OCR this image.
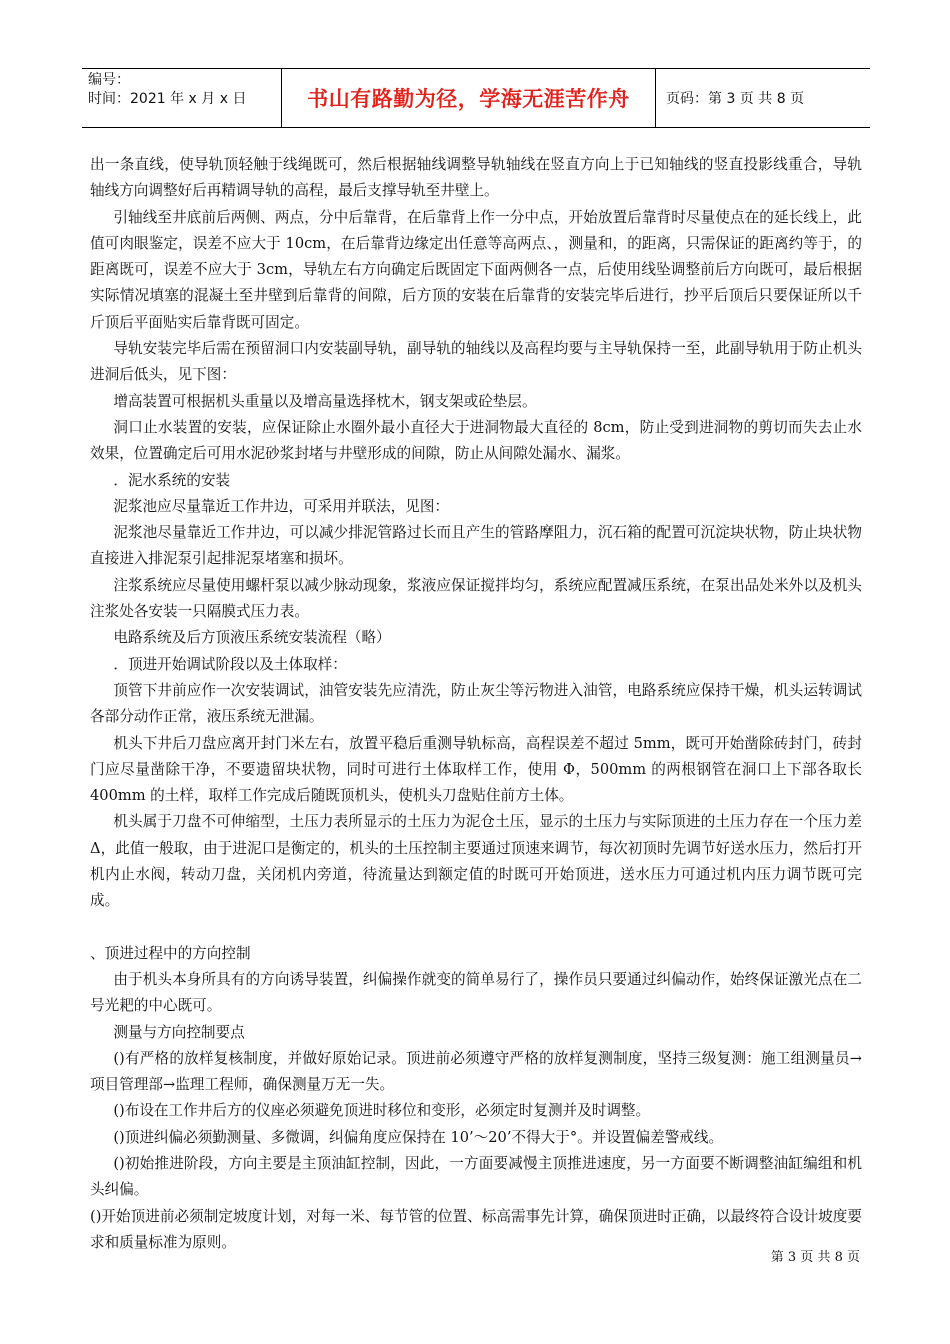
编号：
时间：2021 年 x 月 x 日	书山有路勤为径，学海无涯苦作舟	页码：第 3 页 共 8 页

出一条直线，使导轨顶轻触于线绳既可，然后根据轴线调整导轨轴线在竖直方向上于已知轴线的竖直投影线重合，导轨轴线方向调整好后再精调导轨的高程，最后支撑导轨至井壁上。

引轴线至井底前后两侧、两点，分中后靠背，在后靠背上作一分中点，开始放置后靠背时尽量使点在的延长线上，此值可肉眼鉴定，误差不应大于 10cm，在后靠背边缘定出任意等高两点、，测量和，的距离，只需保证的距离约等于，的距离既可，误差不应大于 3cm，导轨左右方向确定后既固定下面两侧各一点，后使用线坠调整前后方向既可，最后根据实际情况填塞的混凝土至井壁到后靠背的间隙，后方顶的安装在后靠背的安装完毕后进行，抄平后顶后只要保证所以千斤顶后平面贴实后靠背既可固定。

导轨安装完毕后需在预留洞口内安装副导轨，副导轨的轴线以及高程均要与主导轨保持一至，此副导轨用于防止机头进洞后低头，见下图：

增高装置可根据机头重量以及增高量选择枕木，钢支架或砼垫层。

洞口止水装置的安装，应保证除止水圈外最小直径大于进洞物最大直径的 8cm，防止受到进洞物的剪切而失去止水效果，位置确定后可用水泥砂浆封堵与井壁形成的间隙，防止从间隙处漏水、漏浆。

．泥水系统的安装

泥浆池应尽量靠近工作井边，可采用并联法，见图：

泥浆池尽量靠近工作井边，可以减少排泥管路过长而且产生的管路摩阻力，沉石箱的配置可沉淀块状物，防止块状物直接进入排泥泵引起排泥泵堵塞和损坏。

注浆系统应尽量使用螺杆泵以减少脉动现象，浆液应保证搅拌均匀，系统应配置减压系统，在泵出品处米外以及机头注浆处各安装一只隔膜式压力表。

电路系统及后方顶液压系统安装流程（略）

．顶进开始调试阶段以及土体取样：

顶管下井前应作一次安装调试，油管安装先应清洗，防止灰尘等污物进入油管，电路系统应保持干燥，机头运转调试各部分动作正常，液压系统无泄漏。

机头下井后刀盘应离开封门米左右，放置平稳后重测导轨标高，高程误差不超过 5mm，既可开始凿除砖封门，砖封门应尽量凿除干净，不要遗留块状物，同时可进行土体取样工作，使用 Φ，500mm 的两根钢管在洞口上下部各取长 400mm 的土样，取样工作完成后随既顶机头，使机头刀盘贴住前方土体。

机头属于刀盘不可伸缩型，土压力表所显示的土压力为泥仓土压，显示的土压力与实际顶进的土压力存在一个压力差 Δ，此值一般取，由于进泥口是衡定的，机头的土压控制主要通过顶速来调节，每次初顶时先调节好送水压力，然后打开机内止水阀，转动刀盘，关闭机内旁道，待流量达到额定值的时既可开始顶进，送水压力可通过机内压力调节既可完成。

、顶进过程中的方向控制

由于机头本身所具有的方向诱导装置，纠偏操作就变的简单易行了，操作员只要通过纠偏动作，始终保证激光点在二号光耙的中心既可。

测量与方向控制要点

()有严格的放样复核制度，并做好原始记录。顶进前必须遵守严格的放样复测制度，坚持三级复测：施工组测量员→项目管理部→监理工程师，确保测量万无一失。

()布设在工作井后方的仪座必须避免顶进时移位和变形，必须定时复测并及时调整。

()顶进纠偏必须勤测量、多微调，纠偏角度应保持在 10’～20’不得大于°。并设置偏差警戒线。

()初始推进阶段，方向主要是主顶油缸控制，因此，一方面要减慢主顶推进速度，另一方面要不断调整油缸编组和机头纠偏。

()开始顶进前必须制定坡度计划，对每一米、每节管的位置、标高需事先计算，确保顶进时正确，以最终符合设计坡度要求和质量标准为原则。

第 3 页 共 8 页
